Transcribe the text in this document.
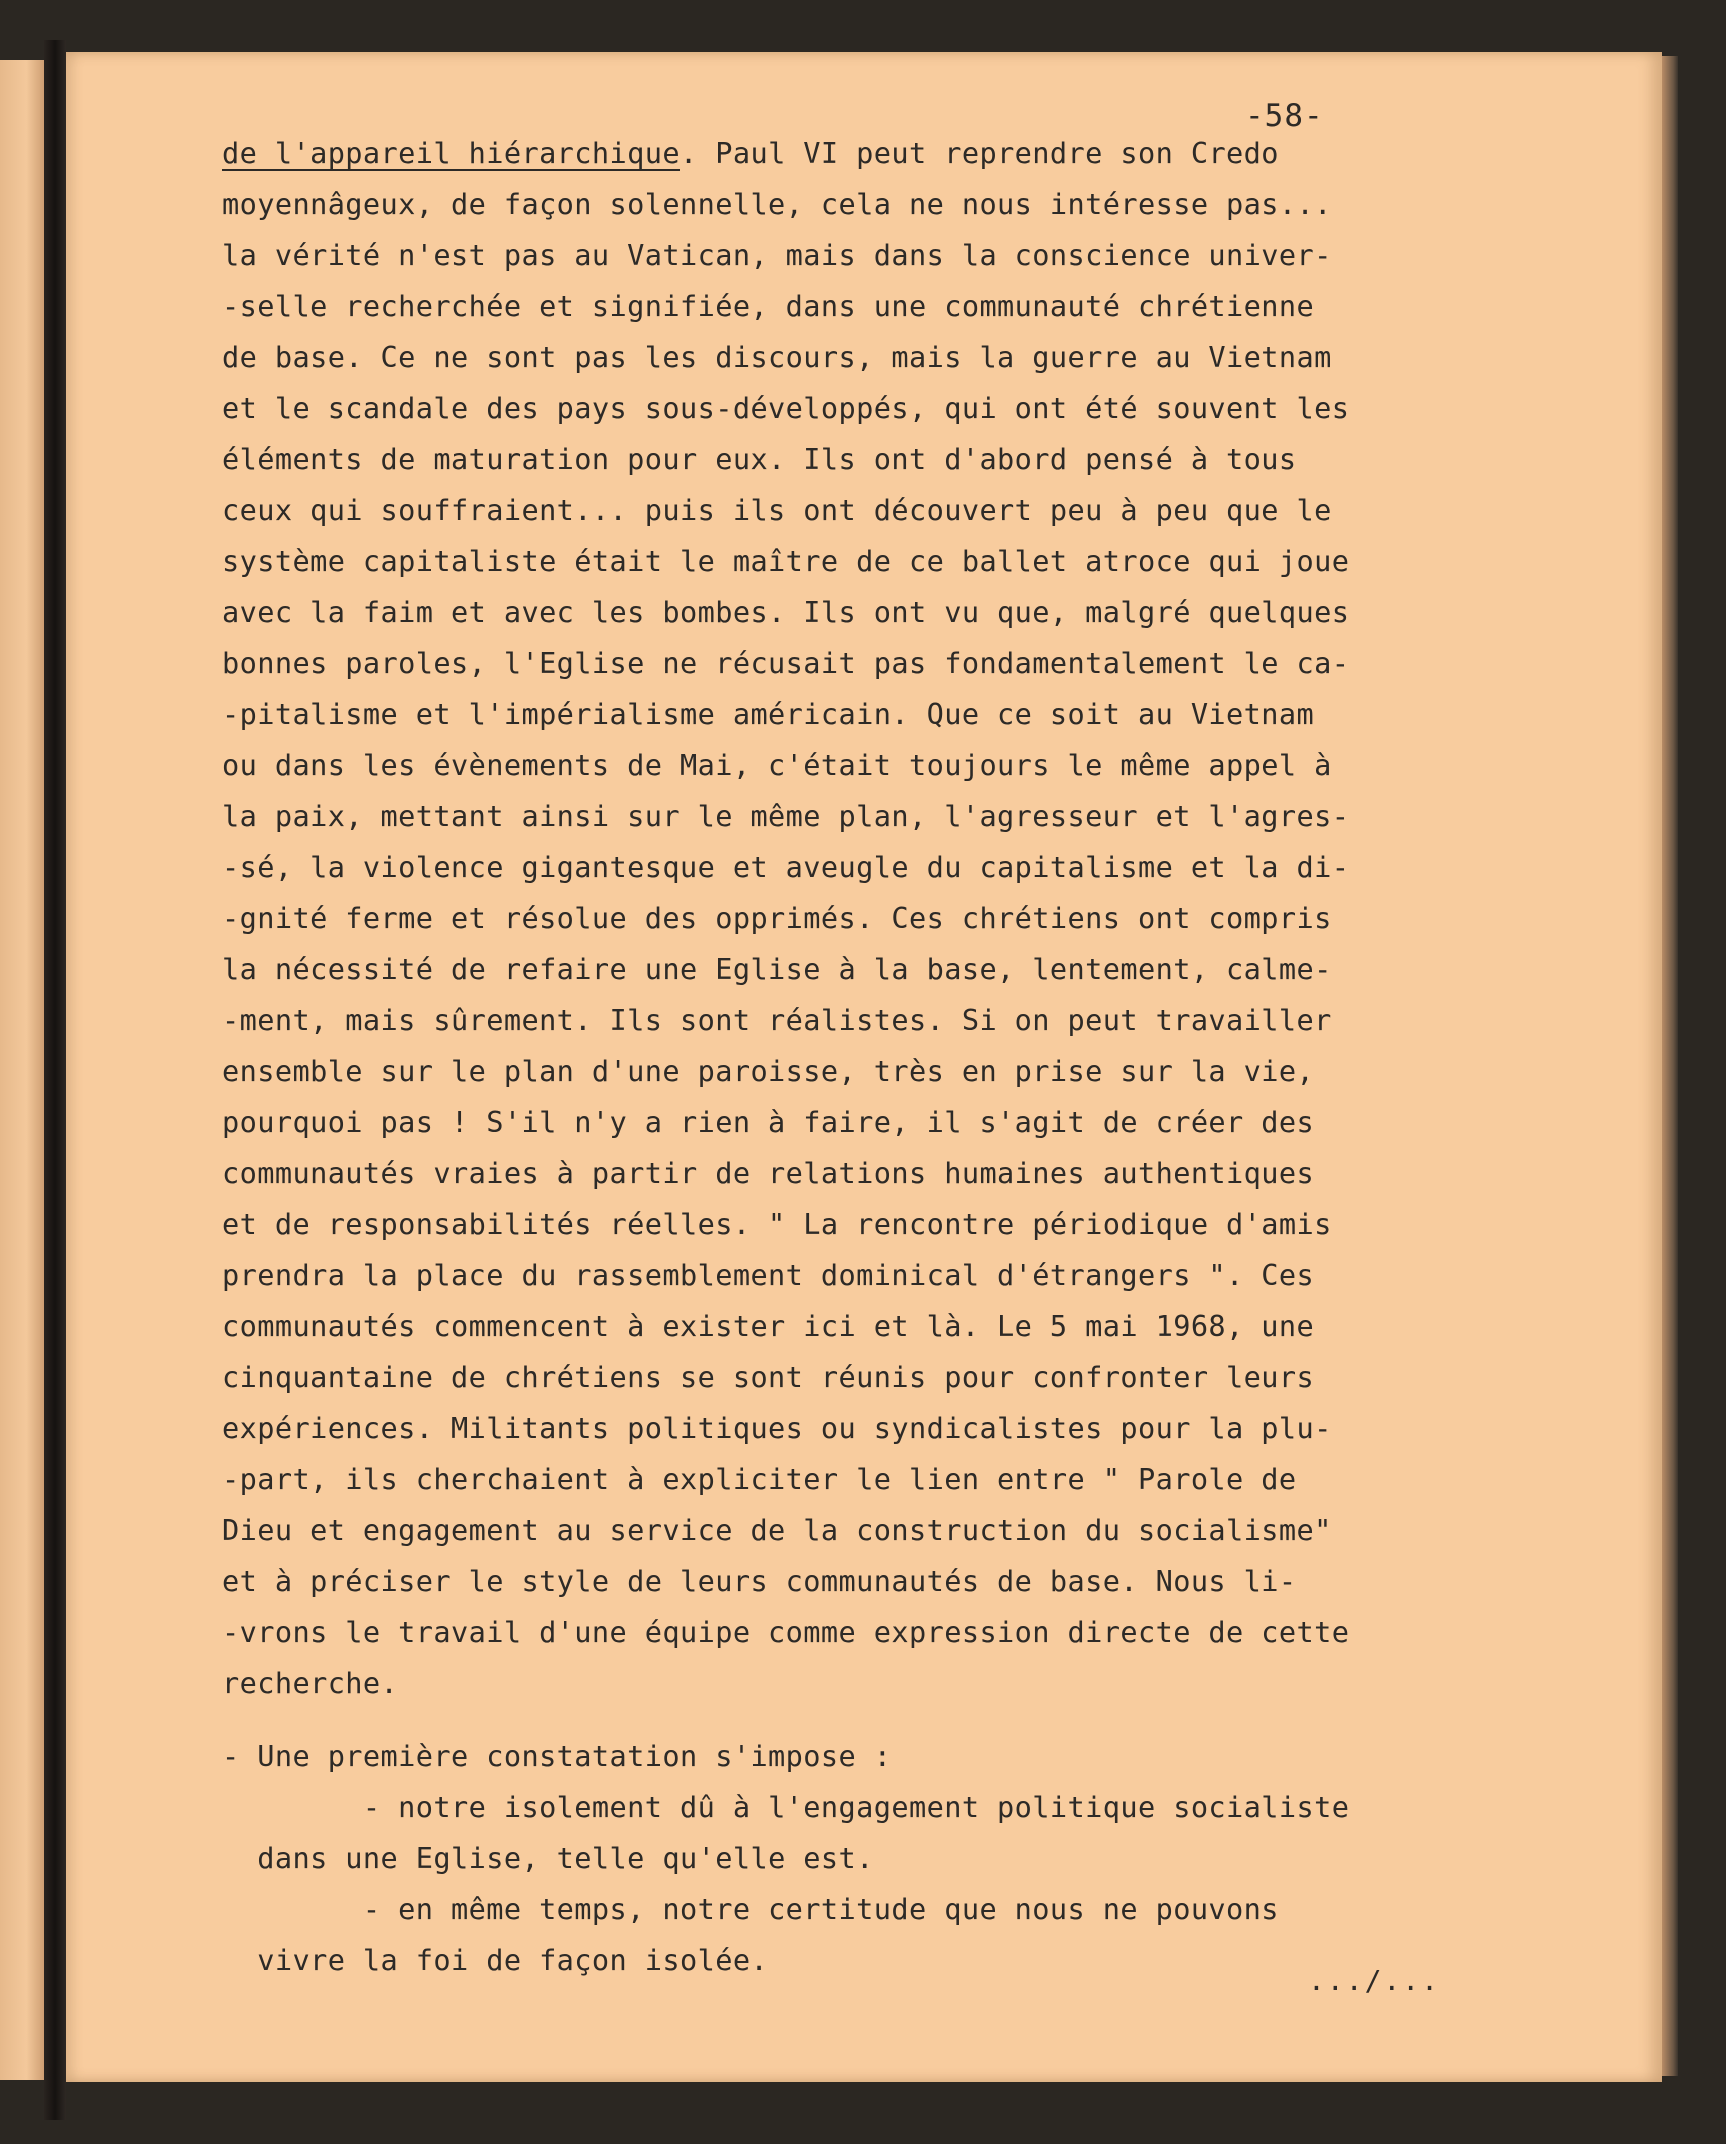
-58-
de l'appareil hiérarchique. Paul VI peut reprendre son Credo
moyennâgeux, de façon solennelle, cela ne nous intéresse pas...
la vérité n'est pas au Vatican, mais dans la conscience univer-
-selle recherchée et signifiée, dans une communauté chrétienne
de base. Ce ne sont pas les discours, mais la guerre au Vietnam
et le scandale des pays sous-développés, qui ont été souvent les
éléments de maturation pour eux. Ils ont d'abord pensé à tous
ceux qui souffraient... puis ils ont découvert peu à peu que le
système capitaliste était le maître de ce ballet atroce qui joue
avec la faim et avec les bombes. Ils ont vu que, malgré quelques
bonnes paroles, l'Eglise ne récusait pas fondamentalement le ca-
-pitalisme et l'impérialisme américain. Que ce soit au Vietnam
ou dans les évènements de Mai, c'était toujours le même appel à
la paix, mettant ainsi sur le même plan, l'agresseur et l'agres-
-sé, la violence gigantesque et aveugle du capitalisme et la di-
-gnité ferme et résolue des opprimés. Ces chrétiens ont compris
la nécessité de refaire une Eglise à la base, lentement, calme-
-ment, mais sûrement. Ils sont réalistes. Si on peut travailler
ensemble sur le plan d'une paroisse, très en prise sur la vie,
pourquoi pas ! S'il n'y a rien à faire, il s'agit de créer des
communautés vraies à partir de relations humaines authentiques
et de responsabilités réelles. " La rencontre périodique d'amis
prendra la place du rassemblement dominical d'étrangers ". Ces
communautés commencent à exister ici et là. Le 5 mai 1968, une
cinquantaine de chrétiens se sont réunis pour confronter leurs
expériences. Militants politiques ou syndicalistes pour la plu-
-part, ils cherchaient à expliciter le lien entre " Parole de
Dieu et engagement au service de la construction du socialisme"
et à préciser le style de leurs communautés de base. Nous li-
-vrons le travail d'une équipe comme expression directe de cette
recherche.
- Une première constatation s'impose :
- notre isolement dû à l'engagement politique socialiste
dans une Eglise, telle qu'elle est.
- en même temps, notre certitude que nous ne pouvons
vivre la foi de façon isolée.
.../...
